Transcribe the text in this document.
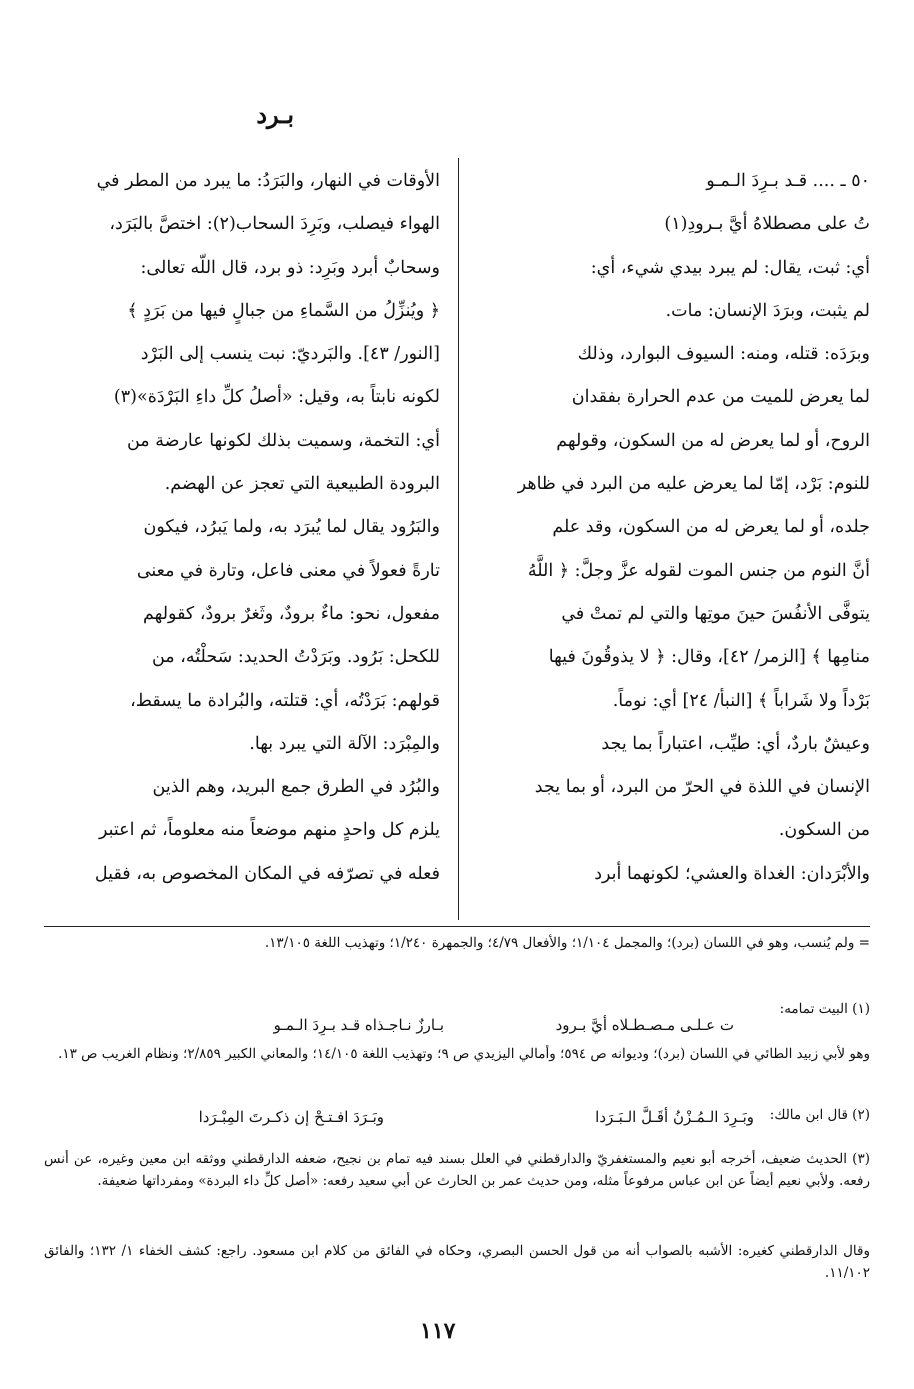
بـرد

٥٠ ـ .... قـد بـرِدَ الـمـو

تُ على مصطلاهُ أيَّ بـرودِ(١)

أي: ثبت، يقال: لم يبرد بيدي شيء، أي:

لم يثبت، وبرَدَ الإنسان: مات.

وبرَدَه: قتله، ومنه: السيوف البوارد، وذلك

لما يعرض للميت من عدم الحرارة بفقدان

الروح، أو لما يعرض له من السكون، وقولهم

للنوم: بَرْد، إمّا لما يعرض عليه من البرد في ظاهر

جلده، أو لما يعرض له من السكون، وقد علم

أنَّ النوم من جنس الموت لقوله عزَّ وجلَّ: ﴿ اللَّهُ

يتوفَّى الأنفُسَ حينَ موتِها والتي لم تمتْ في

منامِها ﴾ [الزمر/ ٤٢]، وقال: ﴿ لا يذوقُونَ فيها

بَرْداً ولا شَراباً ﴾ [النبأ/ ٢٤] أي: نوماً.

وعيشٌ باردٌ، أي: طيِّب، اعتباراً بما يجد

الإنسان في اللذة في الحرّ من البرد، أو بما يجد

من السكون.

والأبْرَدان: الغداة والعشي؛ لكونهما أبرد

الأوقات في النهار، والبَرَدُ: ما يبرد من المطر في

الهواء فيصلب، وبَرِدَ السحاب(٢): اختصَّ بالبَرَد،

وسحابٌ أبرد وبَرِد: ذو برد، قال اللّه تعالى:

﴿ ويُنزِّلُ من السَّماءِ من جبالٍ فيها من بَرَدٍ ﴾

[النور/ ٤٣]. والبَرديّ: نبت ينسب إلى البَرْد

لكونه نابتاً به، وقيل: «أصلُ كلِّ داءِ البَرْدَة»(٣)

أي: التخمة، وسميت بذلك لكونها عارضة من

البرودة الطبيعية التي تعجز عن الهضم.

والبَرُود يقال لما يُبرَد به، ولما يَبرُد، فيكون

تارةً فعولاً في معنى فاعل، وتارة في معنى

مفعول، نحو: ماءٌ برودٌ، وثَغرٌ برودٌ، كقولهم

للكحل: بَرُود. وبَرَدْتُ الحديد: سَحلْتُه، من

قولهم: بَرَدْتُه، أي: قتلته، والبُرادة ما يسقط،

والمِبْرَد: الآلة التي يبرد بها.

والبُرُد في الطرق جمع البريد، وهم الذين

يلزم كل واحدٍ منهم موضعاً منه معلوماً، ثم اعتبر

فعله في تصرّفه في المكان المخصوص به، فقيل

= ولم يُنسب، وهو في اللسان (برد)؛ والمجمل ١/١٠٤؛ والأفعال ٤/٧٩؛ والجمهرة ١/٢٤٠؛ وتهذيب اللغة ١٣/١٠٥.
(١) البيت تمامه:
بـارزٌ نـاجـذاه قـد بـرِدَ الـمـو	ت عـلـى مـصـطـلاه أيَّ بـرود
وهو لأبي زبيد الطائي في اللسان (برد)؛ وديوانه ص ٥٩٤؛ وأمالي اليزيدي ص ٩؛ وتهذيب اللغة ١٤/١٠٥؛ والمعاني الكبير ٢/٨٥٩؛ ونظام الغريب ص ١٣.
(٢) قال ابن مالك:
وبَـرَدَ افـتـحْ إن ذكـرتَ المِبْـرَدا	وبَـرِدَ الـمُـزْنُ أقَـلَّ الـبَـرَدا
(٣) الحديث ضعيف، أخرجه أبو نعيم والمستغفريّ والدارقطني في العلل بسند فيه تمام بن نجيح، ضعفه الدارقطني ووثقه ابن معين وغيره، عن أنس رفعه. ولأبي نعيم أيضاً عن ابن عباس مرفوعاً مثله، ومن حديث عمر بن الحارث عن أبي سعيد رفعه: «أصل كلِّ داء البردة» ومفرداتها ضعيفة.
وقال الدارقطني كغيره: الأشبه بالصواب أنه من قول الحسن البصري، وحكاه في الفائق من كلام ابن مسعود. راجع: كشف الخفاء ١/ ١٣٢؛ والفائق ١١/١٠٢.
١١٧
